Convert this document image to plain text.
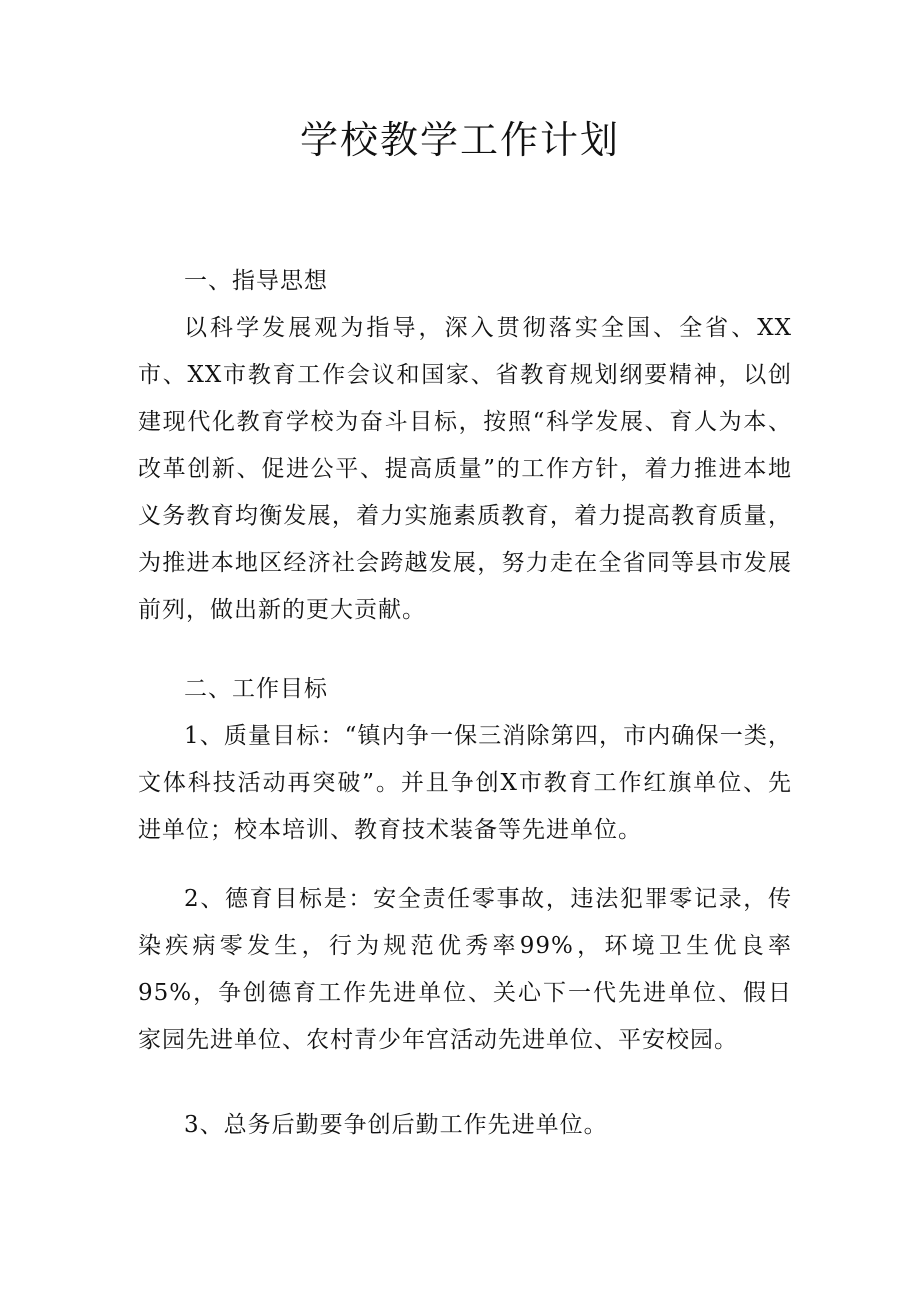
学校教学工作计划

一、指导思想

以科学发展观为指导，深入贯彻落实全国、全省、XX市、XX市教育工作会议和国家、省教育规划纲要精神，以创建现代化教育学校为奋斗目标，按照“科学发展、育人为本、改革创新、促进公平、提高质量”的工作方针，着力推进本地义务教育均衡发展，着力实施素质教育，着力提高教育质量，为推进本地区经济社会跨越发展，努力走在全省同等县市发展前列，做出新的更大贡献。

二、工作目标

1、质量目标：“镇内争一保三消除第四，市内确保一类，文体科技活动再突破”。并且争创X市教育工作红旗单位、先进单位；校本培训、教育技术装备等先进单位。

2、德育目标是：安全责任零事故，违法犯罪零记录，传染疾病零发生，行为规范优秀率99%，环境卫生优良率95%，争创德育工作先进单位、关心下一代先进单位、假日家园先进单位、农村青少年宫活动先进单位、平安校园。

3、总务后勤要争创后勤工作先进单位。
